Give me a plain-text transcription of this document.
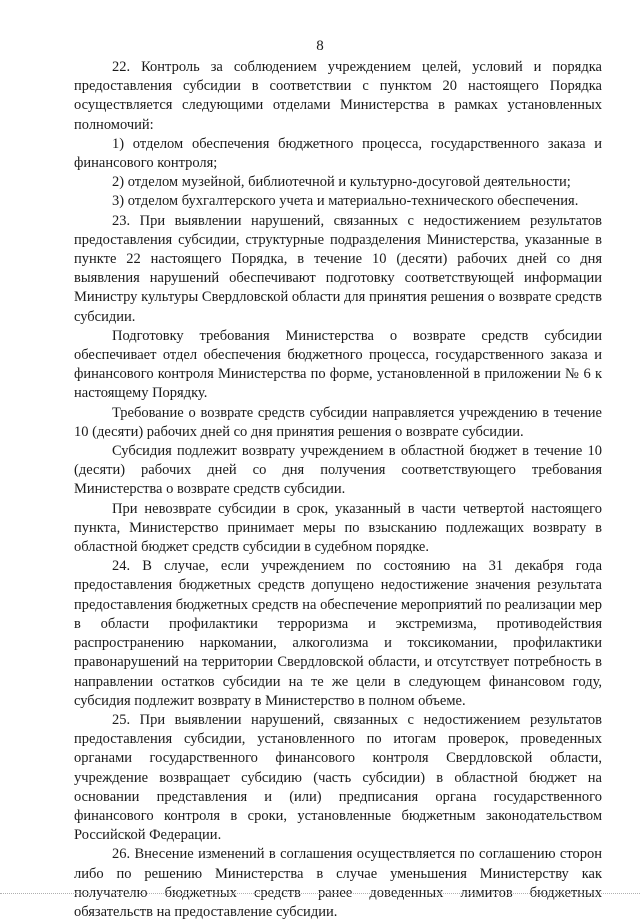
8

22. Контроль за соблюдением учреждением целей, условий и порядка предоставления субсидии в соответствии с пунктом 20 настоящего Порядка осуществляется следующими отделами Министерства в рамках установленных полномочий:

1) отделом обеспечения бюджетного процесса, государственного заказа и финансового контроля;

2) отделом музейной, библиотечной и культурно-досуговой деятельности;

3) отделом бухгалтерского учета и материально-технического обеспечения.

23. При выявлении нарушений, связанных с недостижением результатов предоставления субсидии, структурные подразделения Министерства, указанные в пункте 22 настоящего Порядка, в течение 10 (десяти) рабочих дней со дня выявления нарушений обеспечивают подготовку соответствующей информации Министру культуры Свердловской области для принятия решения о возврате средств субсидии.

Подготовку требования Министерства о возврате средств субсидии обеспечивает отдел обеспечения бюджетного процесса, государственного заказа и финансового контроля Министерства по форме, установленной в приложении № 6 к настоящему Порядку.

Требование о возврате средств субсидии направляется учреждению в течение 10 (десяти) рабочих дней со дня принятия решения о возврате субсидии.

Субсидия подлежит возврату учреждением в областной бюджет в течение 10 (десяти) рабочих дней со дня получения соответствующего требования Министерства о возврате средств субсидии.

При невозврате субсидии в срок, указанный в части четвертой настоящего пункта, Министерство принимает меры по взысканию подлежащих возврату в областной бюджет средств субсидии в судебном порядке.

24. В случае, если учреждением по состоянию на 31 декабря года предоставления бюджетных средств допущено недостижение значения результата предоставления бюджетных средств на обеспечение мероприятий по реализации мер в области профилактики терроризма и экстремизма, противодействия распространению наркомании, алкоголизма и токсикомании, профилактики правонарушений на территории Свердловской области, и отсутствует потребность в направлении остатков субсидии на те же цели в следующем финансовом году, субсидия подлежит возврату в Министерство в полном объеме.

25. При выявлении нарушений, связанных с недостижением результатов предоставления субсидии, установленного по итогам проверок, проведенных органами государственного финансового контроля Свердловской области, учреждение возвращает субсидию (часть субсидии) в областной бюджет на основании представления и (или) предписания органа государственного финансового контроля в сроки, установленные бюджетным законодательством Российской Федерации.

26. Внесение изменений в соглашения осуществляется по соглашению сторон либо по решению Министерства в случае уменьшения Министерству как получателю бюджетных средств ранее доведенных лимитов бюджетных обязательств на предоставление субсидии.
